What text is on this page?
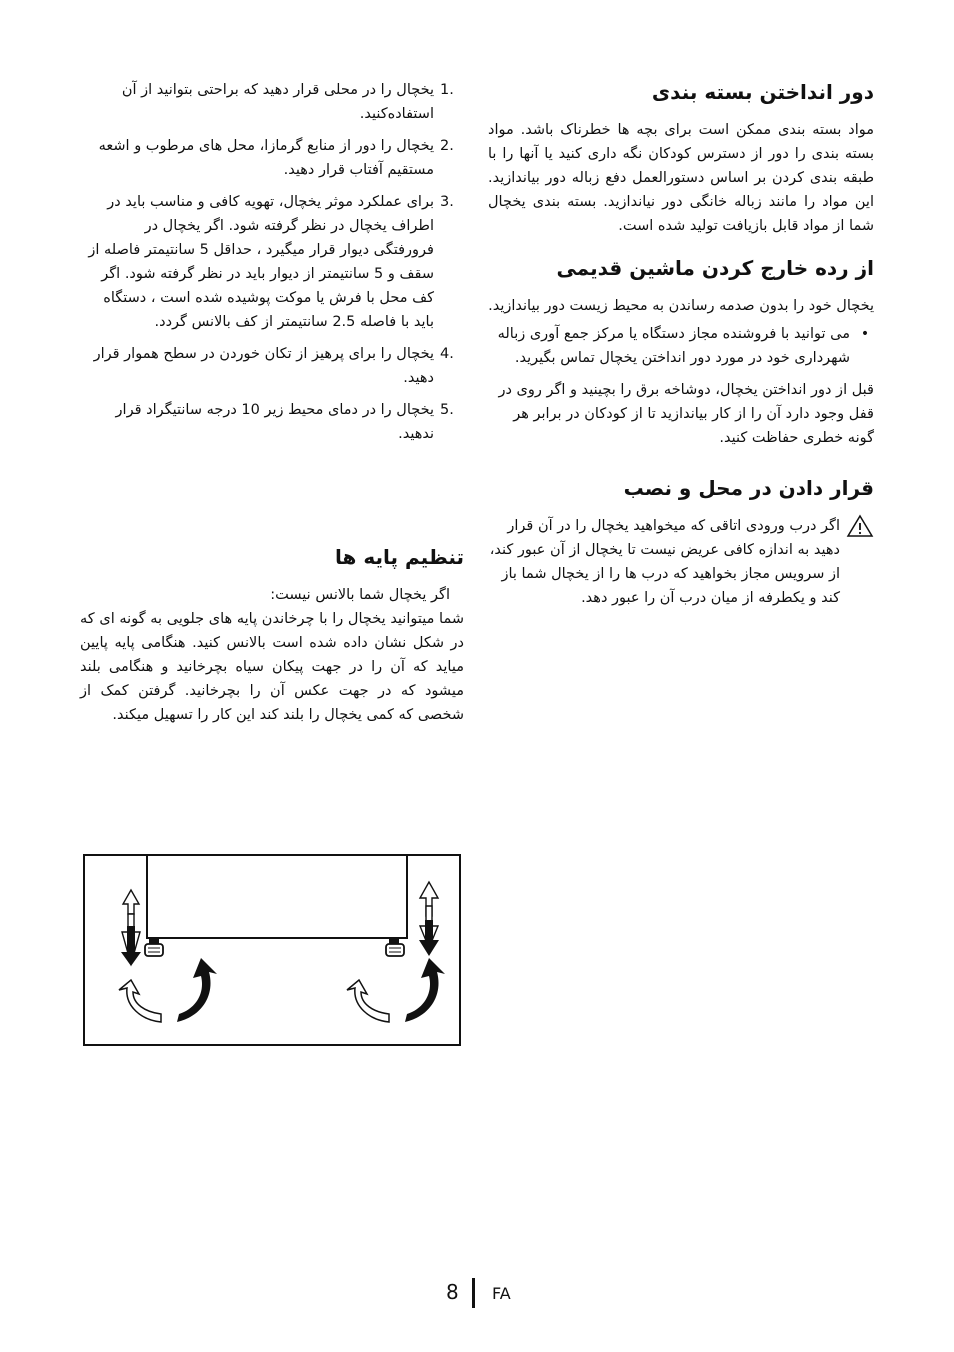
دور انداختن بسته بندی

مواد بسته بندی ممکن است برای بچه ها خطرناک باشد. مواد بسته بندی را دور از دسترس کودکان نگه داری کنید یا آنها را با طبقه بندی کردن بر اساس دستورالعمل دفع زباله دور بیاندازید. این مواد را مانند زباله خانگی دور نیاندازید. بسته بندی یخچال شما از مواد قابل بازیافت تولید شده است.

از رده خارج کردن ماشین قدیمی

یخچال خود را بدون صدمه رساندن به محیط زیست دور بیاندازید.

•

می توانید با فروشنده مجاز دستگاه یا مرکز جمع آوری زباله شهرداری خود در مورد دور انداختن یخچال تماس بگیرید.

قبل از دور انداختن یخچال، دوشاخه برق را بچینید و اگر روی در قفل وجود دارد آن را از کار بیاندازید تا از کودکان در برابر هر گونه خطری حفاظت کنید.

قرار دادن در محل و نصب

اگر درب ورودی اتاقی که میخواهید یخچال را در آن قرار دهید به اندازه کافی عریض نیست تا یخچال از آن عبور کند، از سرویس مجاز بخواهید که درب ها را از یخچال شما باز کند و یکطرفه از میان درب آن را عبور دهد.

1.
یخچال را در محلی قرار دهید که براحتی بتوانید از آن استفاده‌کنید.
2.
یخچال را دور از منابع گرمازا، محل های مرطوب و اشعه مستقیم آفتاب قرار دهید.
3.
برای عملکرد موثر یخچال، تهویه کافی و مناسب باید در اطراف یخچال در نظر گرفته شود. اگر یخچال در فرورفتگی دیوار قرار میگیرد ، حداقل 5 سانتیمتر فاصله از سقف و 5 سانتیمتر از دیوار باید در نظر گرفته شود. اگر کف محل با فرش یا موکت پوشیده شده است ، دستگاه باید با فاصله 2.5 سانتیمتر از کف بالانس گردد.
4.
یخچال را برای پرهیز از تکان خوردن در سطح هموار قرار دهید.
5.
یخچال را در دمای محیط زیر 10 درجه سانتیگراد قرار ندهید.
تنظیم پایه ها

اگر یخچال شما بالانس نیست:

شما میتوانید یخچال را با چرخاندن پایه های جلویی به گونه ای که در شکل نشان داده شده است بالانس کنید. هنگامی پایه پایین میاید که آن را در جهت پیکان سیاه بچرخانید و هنگامی بلند میشود که در جهت عکس آن را بچرخانید. گرفتن کمک از شخصی که کمی یخچال را بلند کند این کار را تسهیل میکند.

8 FA
